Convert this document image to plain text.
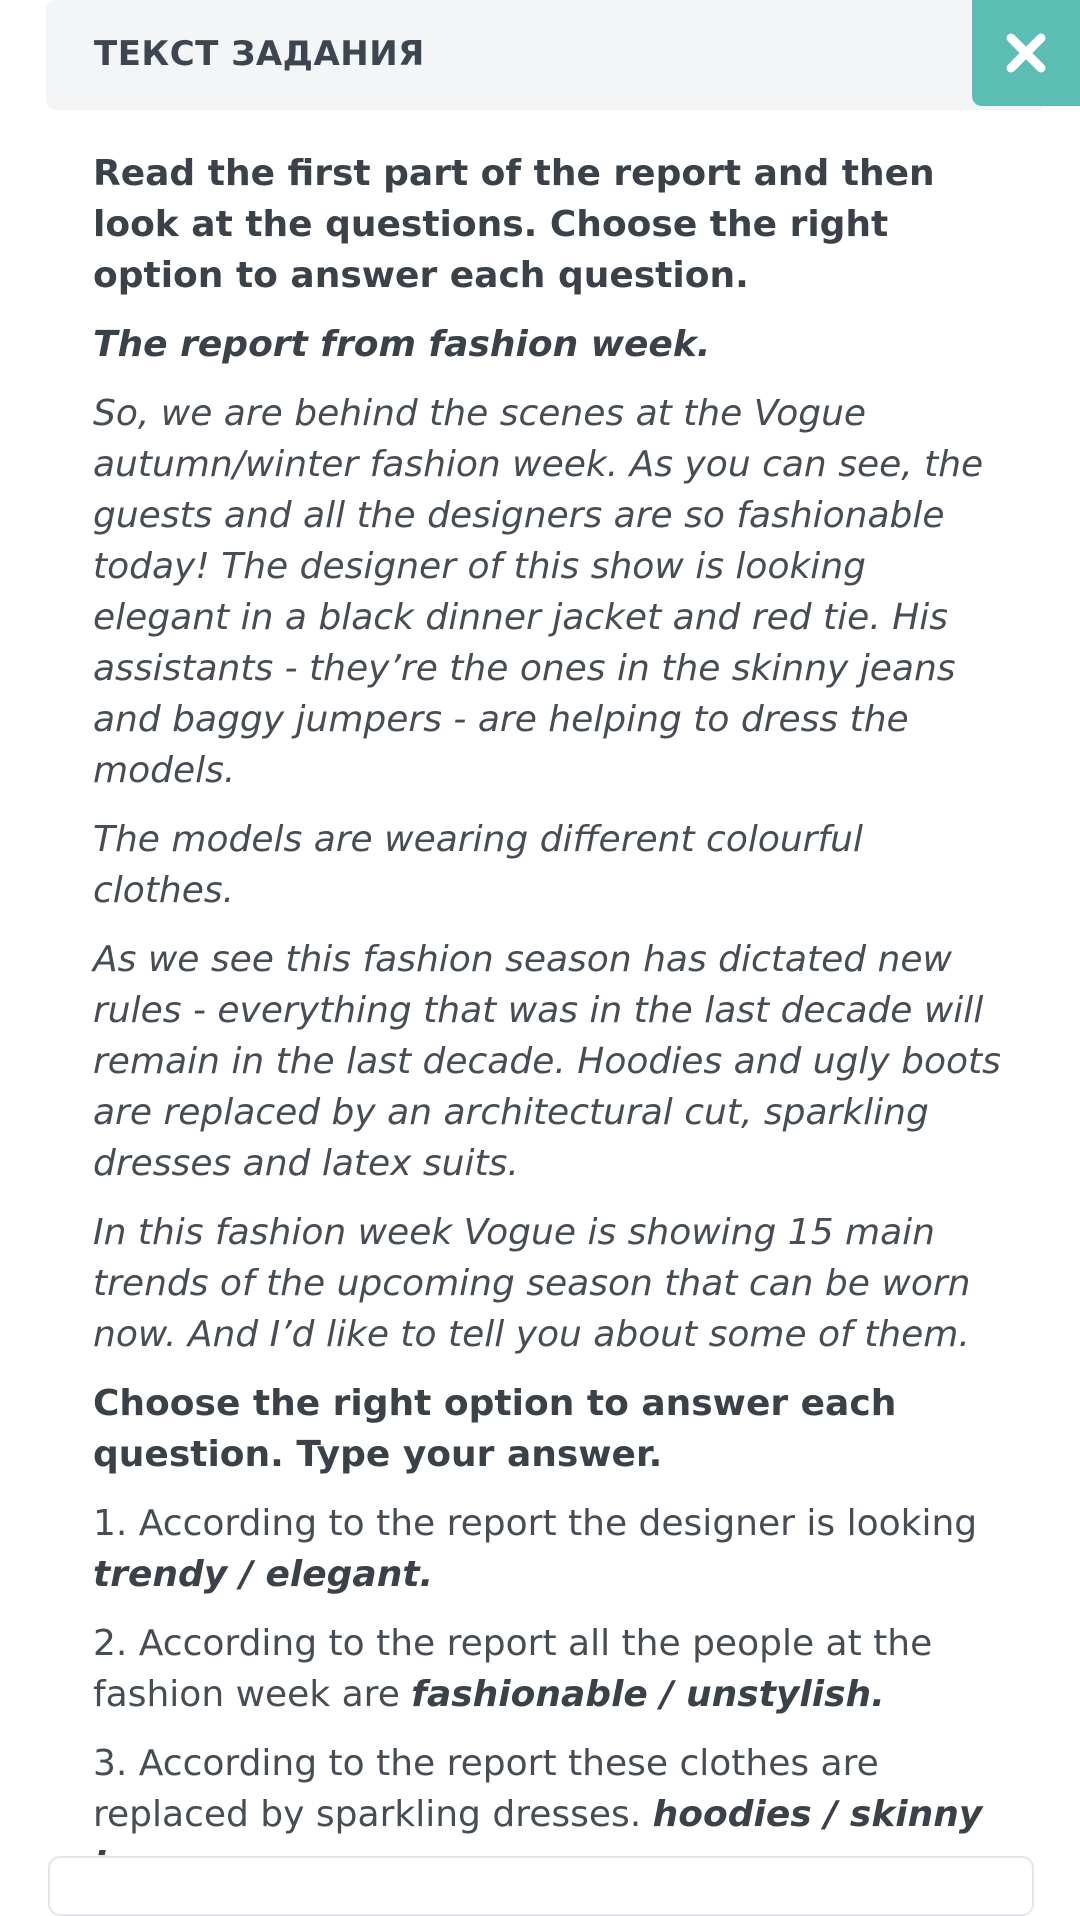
ТЕКСТ ЗАДАНИЯ

Read the first part of the report and then look at the questions. Choose the right option to answer each question.

The report from fashion week.

So, we are behind the scenes at the Vogue autumn/winter fashion week. As you can see, the guests and all the designers are so fashionable today! The designer of this show is looking elegant in a black dinner jacket and red tie. His assistants - they’re the ones in the skinny jeans and baggy jumpers - are helping to dress the models.

The models are wearing different colourful clothes.

As we see this fashion season has dictated new rules - everything that was in the last decade will remain in the last decade. Hoodies and ugly boots are replaced by an architectural cut, sparkling dresses and latex suits.

In this fashion week Vogue is showing 15 main trends of the upcoming season that can be worn now. And I’d like to tell you about some of them.

Choose the right option to answer each question. Type your answer.

1. According to the report the designer is looking trendy / elegant.

2. According to the report all the people at the fashion week are fashionable / unstylish.

3. According to the report these clothes are replaced by sparkling dresses. hoodies / skinny
